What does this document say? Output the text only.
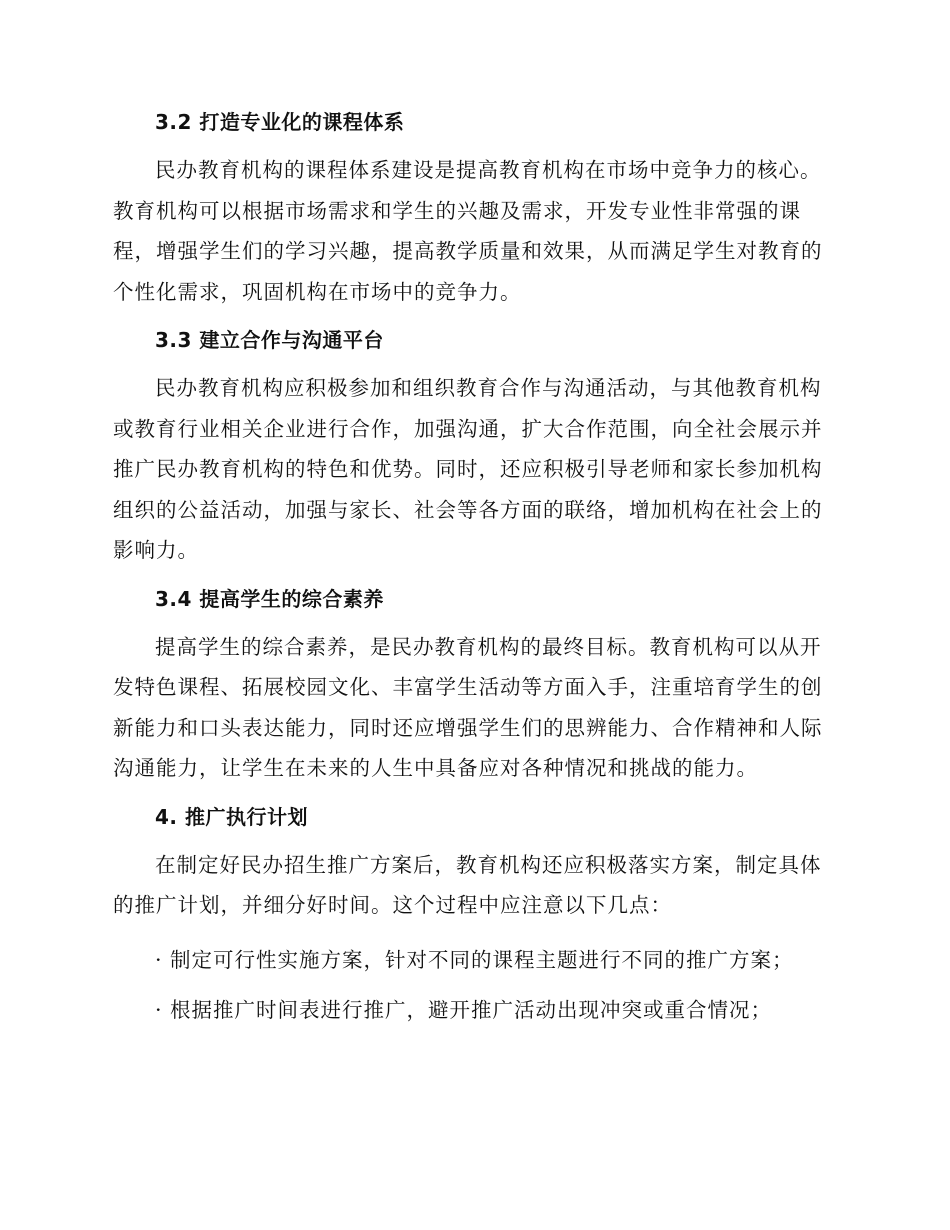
3.2 打造专业化的课程体系
民办教育机构的课程体系建设是提高教育机构在市场中竞争力的核心。教育机构可以根据市场需求和学生的兴趣及需求，开发专业性非常强的课程，增强学生们的学习兴趣，提高教学质量和效果，从而满足学生对教育的个性化需求，巩固机构在市场中的竞争力。
3.3 建立合作与沟通平台
民办教育机构应积极参加和组织教育合作与沟通活动，与其他教育机构或教育行业相关企业进行合作，加强沟通，扩大合作范围，向全社会展示并推广民办教育机构的特色和优势。同时，还应积极引导老师和家长参加机构组织的公益活动，加强与家长、社会等各方面的联络，增加机构在社会上的影响力。
3.4 提高学生的综合素养
提高学生的综合素养，是民办教育机构的最终目标。教育机构可以从开发特色课程、拓展校园文化、丰富学生活动等方面入手，注重培育学生的创新能力和口头表达能力，同时还应增强学生们的思辨能力、合作精神和人际沟通能力，让学生在未来的人生中具备应对各种情况和挑战的能力。
4. 推广执行计划
在制定好民办招生推广方案后，教育机构还应积极落实方案，制定具体的推广计划，并细分好时间。这个过程中应注意以下几点：
· 制定可行性实施方案，针对不同的课程主题进行不同的推广方案；
· 根据推广时间表进行推广，避开推广活动出现冲突或重合情况；
